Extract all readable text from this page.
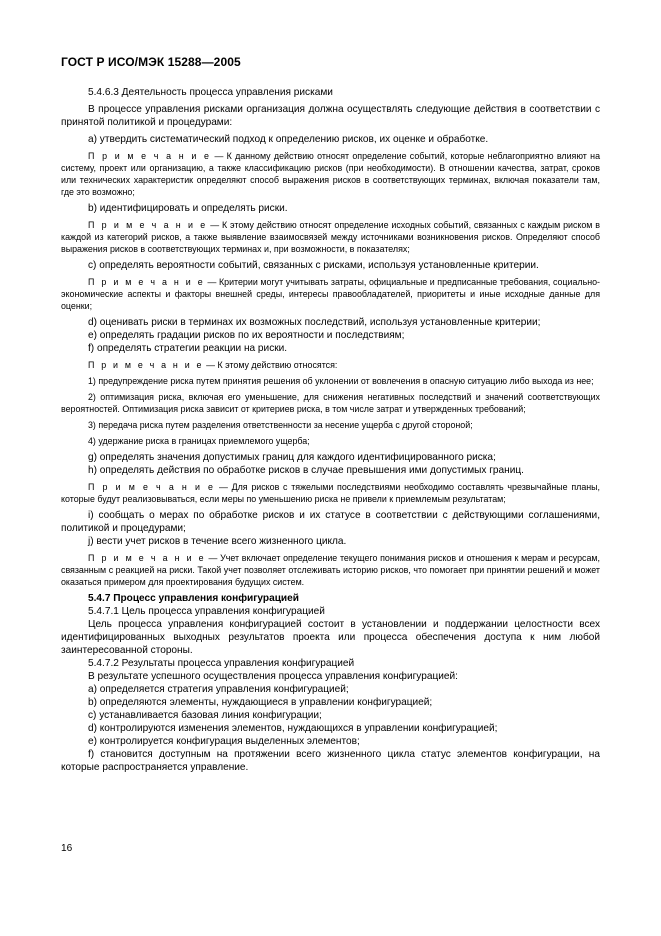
ГОСТ Р ИСО/МЭК 15288—2005

5.4.6.3 Деятельность процесса управления рисками

В процессе управления рисками организация должна осуществлять следующие действия в соответствии с принятой политикой и процедурами:

a) утвердить систематический подход к определению рисков, их оценке и обработке.

П р и м е ч а н и е — К данному действию относят определение событий, которые неблагоприятно влияют на систему, проект или организацию, а также классификацию рисков (при необходимости). В отношении качества, затрат, сроков или технических характеристик определяют способ выражения рисков в соответствующих терминах, включая показатели там, где это возможно;

b) идентифицировать и определять риски.

П р и м е ч а н и е — К этому действию относят определение исходных событий, связанных с каждым риском в каждой из категорий рисков, а также выявление взаимосвязей между источниками возникновения рисков. Определяют способ выражения рисков в соответствующих терминах и, при возможности, в показателях;

c) определять вероятности событий, связанных с рисками, используя установленные критерии.

П р и м е ч а н и е — Критерии могут учитывать затраты, официальные и предписанные требования, социально-экономические аспекты и факторы внешней среды, интересы правообладателей, приоритеты и иные исходные данные для оценки;

d) оценивать риски в терминах их возможных последствий, используя установленные критерии;

e) определять градации рисков по их вероятности и последствиям;

f) определять стратегии реакции на риски.

П р и м е ч а н и е — К этому действию относятся:

1) предупреждение риска путем принятия решения об уклонении от вовлечения в опасную ситуацию либо выхода из нее;

2) оптимизация риска, включая его уменьшение, для снижения негативных последствий и значений соответствующих вероятностей. Оптимизация риска зависит от критериев риска, в том числе затрат и утвержденных требований;

3) передача риска путем разделения ответственности за несение ущерба с другой стороной;

4) удержание риска в границах приемлемого ущерба;

g) определять значения допустимых границ для каждого идентифицированного риска;

h) определять действия по обработке рисков в случае превышения ими допустимых границ.

П р и м е ч а н и е — Для рисков с тяжелыми последствиями необходимо составлять чрезвычайные планы, которые будут реализовываться, если меры по уменьшению риска не привели к приемлемым результатам;

i) сообщать о мерах по обработке рисков и их статусе в соответствии с действующими соглашениями, политикой и процедурами;

j) вести учет рисков в течение всего жизненного цикла.

П р и м е ч а н и е — Учет включает определение текущего понимания рисков и отношения к мерам и ресурсам, связанным с реакцией на риски. Такой учет позволяет отслеживать историю рисков, что помогает при принятии решений и может оказаться примером для проектирования будущих систем.

5.4.7 Процесс управления конфигурацией

5.4.7.1 Цель процесса управления конфигурацией

Цель процесса управления конфигурацией состоит в установлении и поддержании целостности всех идентифицированных выходных результатов проекта или процесса обеспечения доступа к ним любой заинтересованной стороны.

5.4.7.2 Результаты процесса управления конфигурацией

В результате успешного осуществления процесса управления конфигурацией:

a) определяется стратегия управления конфигурацией;

b) определяются элементы, нуждающиеся в управлении конфигурацией;

c) устанавливается базовая линия конфигурации;

d) контролируются изменения элементов, нуждающихся в управлении конфигурацией;

e) контролируется конфигурация выделенных элементов;

f) становится доступным на протяжении всего жизненного цикла статус элементов конфигурации, на которые распространяется управление.

16
